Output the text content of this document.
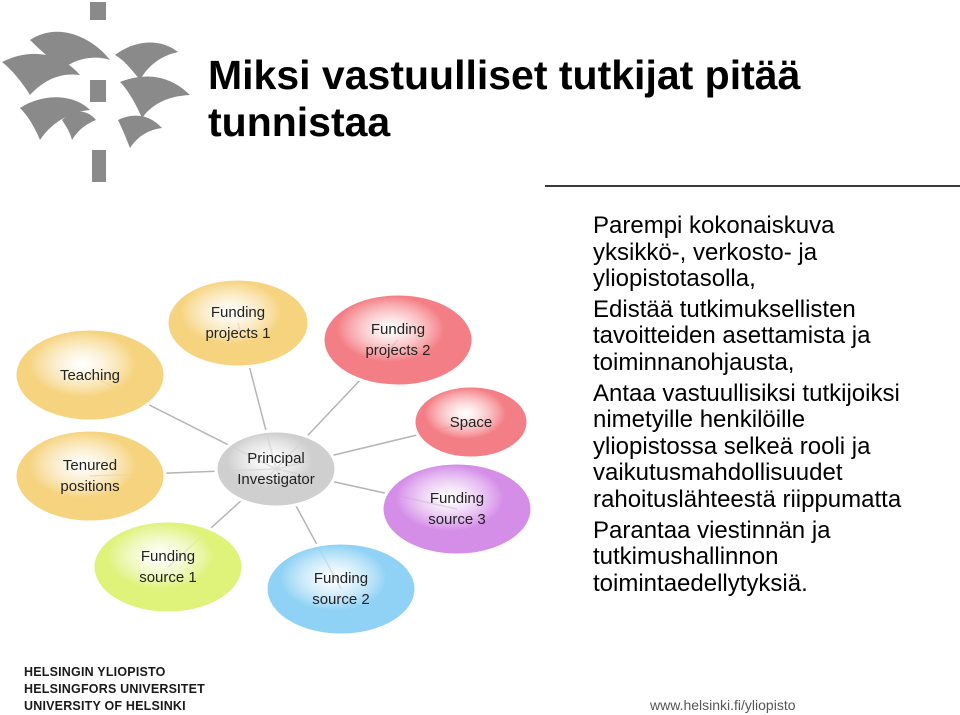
Miksi vastuulliset tutkijat pitää tunnistaa
Parempi kokonaiskuva
yksikkö-, verkosto- ja
yliopistotasolla,
Edistää tutkimuksellisten
tavoitteiden asettamista ja
toiminnanohjausta,
Antaa vastuullisiksi tutkijoiksi
nimetyille henkilöille
yliopistossa selkeä rooli ja
vaikutusmahdollisuudet
rahoituslähteestä riippumatta
Parantaa viestinnän ja
tutkimushallinnon
toimintaedellytyksiä.
Teaching
Funding
projects 1	Funding
projects 2
Space
Tenured
positions
Funding
source 3
Funding
source 1	Funding
source 2
Principal
Investigator
HELSINGIN YLIOPISTO
HELSINGFORS UNIVERSITET
UNIVERSITY OF HELSINKI	www.helsinki.fi/yliopisto
